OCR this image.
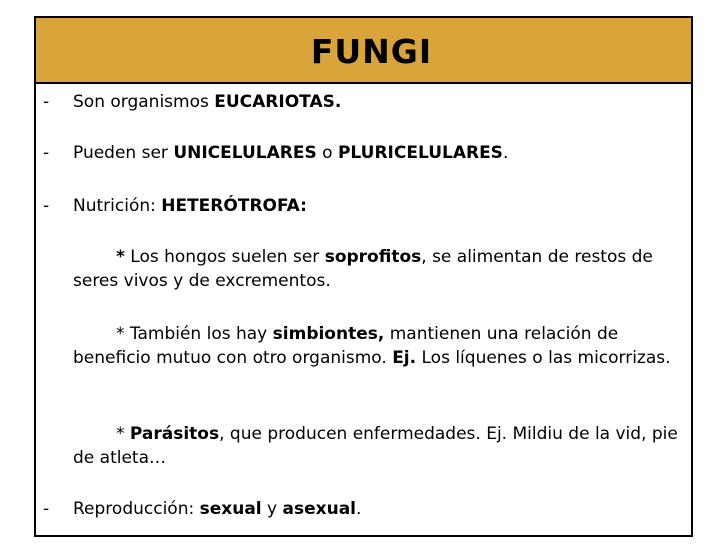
FUNGI
- Son organismos EUCARIOTAS.
- Pueden ser UNICELULARES o PLURICELULARES.
- Nutrición: HETERÓTROFA:
* Los hongos suelen ser soprofitos, se alimentan de restos de seres vivos y de excrementos.
* También los hay simbiontes, mantienen una relación de beneficio mutuo con otro organismo. Ej. Los líquenes o las micorrizas.
* Parásitos, que producen enfermedades. Ej. Mildiu de la vid, pie de atleta…
- Reproducción: sexual y asexual.
